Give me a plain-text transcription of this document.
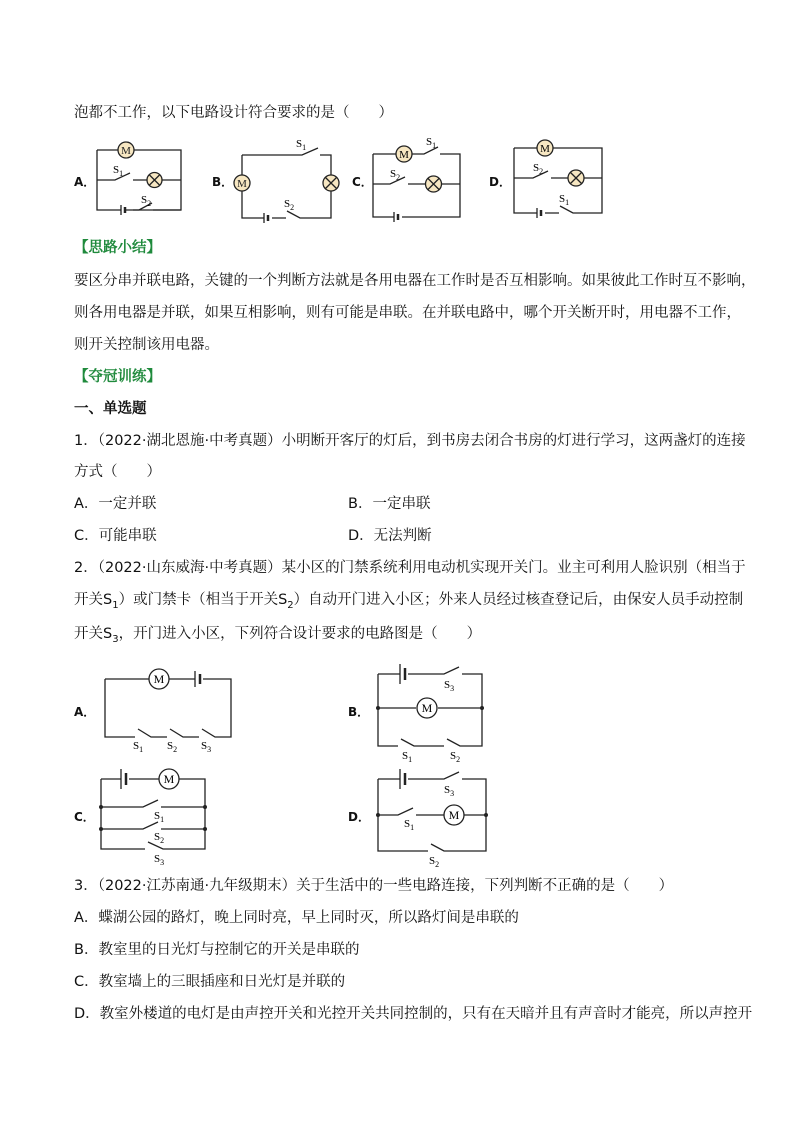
泡都不工作，以下电路设计符合要求的是（　　）
A．	B．	C．	D．
M
$S_1$
$S_2$
M
$S_1$
$S_2$
M
$S_1$
$S_2$
M
$S_2$
$S_1$
【思路小结】
要区分串并联电路，关键的一个判断方法就是各用电器在工作时是否互相影响。如果彼此工作时互不影响，
则各用电器是并联，如果互相影响，则有可能是串联。在并联电路中，哪个开关断开时，用电器不工作，
则开关控制该用电器。
【夺冠训练】
一、单选题
1．（2022·湖北恩施·中考真题）小明断开客厅的灯后，到书房去闭合书房的灯进行学习，这两盏灯的连接
方式（　　）
A．一定并联	B．一定串联
C．可能串联	D．无法判断
2．（2022·山东威海·中考真题）某小区的门禁系统利用电动机实现开关门。业主可利用人脸识别（相当于
开关$S_1$）或门禁卡（相当于开关$S_2$）自动开门进入小区；外来人员经过核查登记后，由保安人员手动控制
开关$S_3$，开门进入小区，下列符合设计要求的电路图是（　　）
A．	B．
C．	D．
M
$S_1$ $S_2$ $S_3$
M
$S_3$
$S_1$	$S_2$
M
$S_1$
$S_2$
$S_3$
M
$S_3$
$S_1$
$S_2$
3．（2022·江苏南通·九年级期末）关于生活中的一些电路连接，下列判断不正确的是（　　）
A．蝶湖公园的路灯，晚上同时亮，早上同时灭，所以路灯间是串联的
B．教室里的日光灯与控制它的开关是串联的
C．教室墙上的三眼插座和日光灯是并联的
D．教室外楼道的电灯是由声控开关和光控开关共同控制的，只有在天暗并且有声音时才能亮，所以声控开
